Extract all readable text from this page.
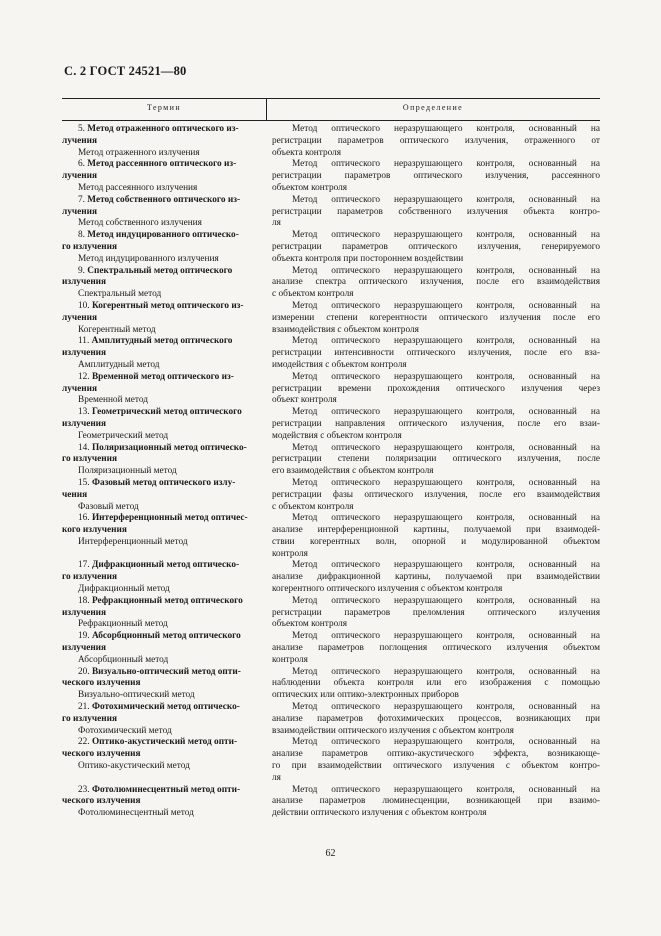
С. 2 ГОСТ 24521—80
Термин	Определение
5. Метод отраженного оптического из-
лучения
Метод отраженного излучения
Метод оптического неразрушающего контроля, основанный на
регистрации параметров оптического излучения, отраженного от
объекта контроля
6. Метод рассеянного оптического из-
лучения
Метод рассеянного излучения
Метод оптического неразрушающего контроля, основанный на
регистрации параметров оптического излучения, рассеянного
объектом контроля
7. Метод собственного оптического из-
лучения
Метод собственного излучения
Метод оптического неразрушающего контроля, основанный на
регистрации параметров собственного излучения объекта контро-
ля
8. Метод индуцированного оптическо-
го излучения
Метод индуцированного излучения
Метод оптического неразрушающего контроля, основанный на
регистрации параметров оптического излучения, генерируемого
объекта контроля при постороннем воздействии
9. Спектральный метод оптического
излучения
Спектральный метод
Метод оптического неразрушающего контроля, основанный на
анализе спектра оптического излучения, после его взаимодействия
с объектом контроля
10. Когерентный метод оптического из-
лучения
Когерентный метод
Метод оптического неразрушающего контроля, основанный на
измерении степени когерентности оптического излучения после его
взаимодействия с объектом контроля
11. Амплитудный метод оптического
излучения
Амплитудный метод
Метод оптического неразрушающего контроля, основанный на
регистрации интенсивности оптического излучения, после его вза-
имодействия с объектом контроля
12. Временной метод оптического из-
лучения
Временной метод
Метод оптического неразрушающего контроля, основанный на
регистрации времени прохождения оптического излучения через
объект контроля
13. Геометрический метод оптического
излучения
Геометрический метод
Метод оптического неразрушающего контроля, основанный на
регистрации направления оптического излучения, после его взаи-
модействия с объектом контроля
14. Поляризационный метод оптическо-
го излучения
Поляризационный метод
Метод оптического неразрушающего контроля, основанный на
регистрации степени поляризации оптического излучения, после
его взаимодействия с объектом контроля
15. Фазовый метод оптического излу-
чения
Фазовый метод
Метод оптического неразрушающего контроля, основанный на
регистрации фазы оптического излучения, после его взаимодействия
с объектом контроля
16. Интерференционный метод оптичес-
кого излучения
Интерференционный метод
Метод оптического неразрушающего контроля, основанный на
анализе интерференционной картины, получаемой при взаимодей-
ствии когерентных волн, опорной и модулированной объектом
контроля
17. Дифракционный метод оптическо-
го излучения
Дифракционный метод
Метод оптического неразрушающего контроля, основанный на
анализе дифракционной картины, получаемой при взаимодействии
когерентного оптического излучения с объектом контроля
18. Рефракционный метод оптического
излучения
Рефракционный метод
Метод оптического неразрушающего контроля, основанный на
регистрации параметров преломления оптического излучения
объектом контроля
19. Абсорбционный метод оптического
излучения
Абсорбционный метод
Метод оптического неразрушающего контроля, основанный на
анализе параметров поглощения оптического излучения объектом
контроля
20. Визуально-оптический метод опти-
ческого излучения
Визуально-оптический метод
Метод оптического неразрушающего контроля, основанный на
наблюдении объекта контроля или его изображения с помощью
оптических или оптико-электронных приборов
21. Фотохимический метод оптическо-
го излучения
Фотохимический метод
Метод оптического неразрушающего контроля, основанный на
анализе параметров фотохимических процессов, возникающих при
взаимодействии оптического излучения с объектом контроля
22. Оптико-акустический метод опти-
ческого излучения
Оптико-акустический метод
Метод оптического неразрушающего контроля, основанный на
анализе параметров оптико-акустического эффекта, возникающе-
го при взаимодействии оптического излучения с объектом контро-
ля
23. Фотолюминесцентный метод опти-
ческого излучения
Фотолюминесцентный метод
Метод оптического неразрушающего контроля, основанный на
анализе параметров люминесценции, возникающей при взаимо-
действии оптического излучения с объектом контроля
62
